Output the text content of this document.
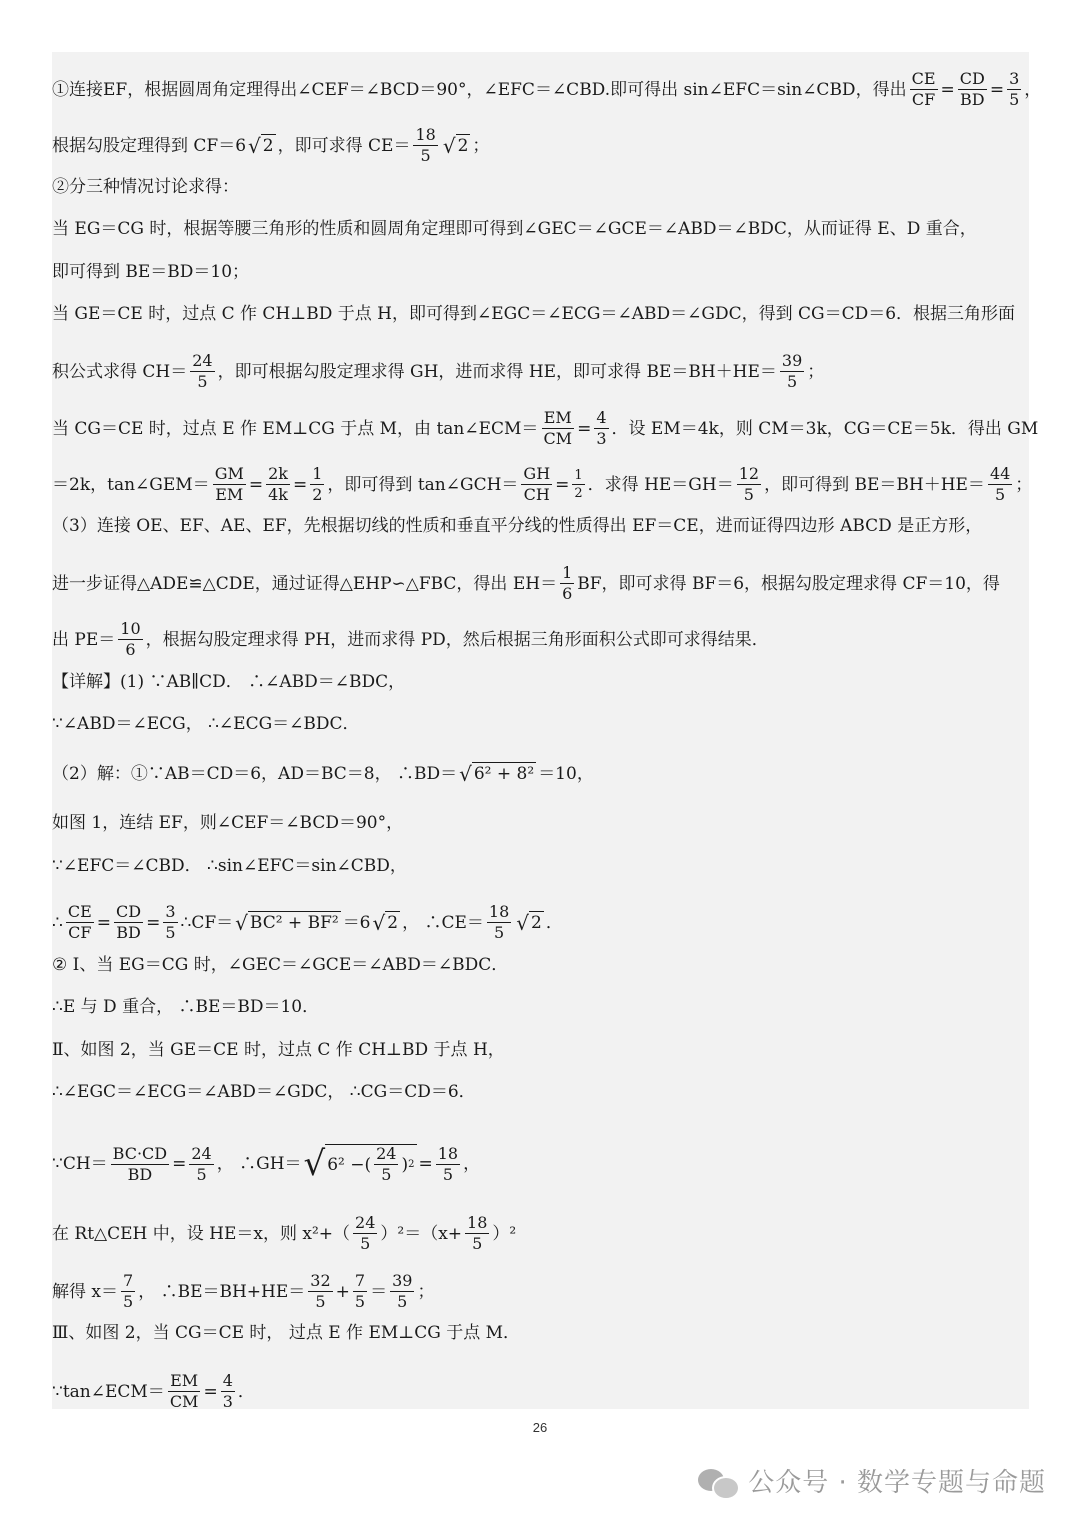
①连接EF，根据圆周角定理得出∠CEF＝∠BCD＝90°，∠EFC＝∠CBD.即可得出 sin∠EFC＝sin∠CBD，得出 $\frac{CE}{CF} = \frac{CD}{BD} = \frac{3}{5}$ ，
根据勾股定理得到 CF＝ 6 √ 2 ，即可求得 $CE= \frac{18}{5}$ √ 2 ；
②分三种情况讨论求得：
当 EG＝CG 时，根据等腰三角形的性质和圆周角定理即可得到∠GEC＝∠GCE＝∠ABD＝∠BDC，从而证得 E、D 重合，
即可得到 BE＝BD＝10；
当 GE＝CE 时，过点 C 作 CH⊥BD 于点 H，即可得到∠EGC＝∠ECG＝∠ABD＝∠GDC，得到 CG＝CD＝6．根据三角形面
积公式求得 $CH= \frac{24}{5}$ ，即可根据勾股定理求得 GH，进而求得 HE，即可求得 $BE=BH+HE= \frac{39}{5}$ ；
当 CG＝CE 时，过点 E 作 EM⊥CG 于点 M，由 tan∠ECM＝ $\frac{EM}{CM} = \frac{4}{3}$ ．设 EM＝4k，则 CM＝3k，CG＝CE＝5k．得出 GM
＝2k，tan∠GEM＝ $\frac{GM}{EM} = \frac{2k}{4k} = \frac{1}{2}$ ，即可得到 tan∠GCH＝ $\frac{GH}{CH} = \frac{1}{2}$ ．求得 $HE=GH= \frac{12}{5}$ ，即可得到 $BE=BH+HE= \frac{44}{5}$ ；
（3）连接 OE、EF、AE、EF，先根据切线的性质和垂直平分线的性质得出 EF＝CE，进而证得四边形 ABCD 是正方形，
进一步证得△ADE≌△CDE，通过证得△EHP∽△FBC，得出 $EH= \frac{1}{6}$ BF，即可求得 BF＝6，根据勾股定理求得 CF＝10，得
出 $PE= \frac{10}{6}$ ，根据勾股定理求得 PH，进而求得 PD，然后根据三角形面积公式即可求得结果．
【详解】(1) ∵AB∥CD． ∴∠ABD＝∠BDC，
∵∠ABD＝∠ECG， ∴∠ECG＝∠BDC．
（2）解：①∵AB＝CD＝6，AD＝BC＝8， ∴BD＝ √ 6² + 8² ＝10，
如图 1，连结 EF，则∠CEF＝∠BCD＝90°，
∵∠EFC＝∠CBD． ∴sin∠EFC＝sin∠CBD，
∴ $\frac{CE}{CF} = \frac{CD}{BD} = \frac{3}{5}$ ∴CF＝ √ BC² + BF² ＝6 √ 2 ， ∴CE＝ $\frac{18}{5}$ √ 2 ．
② Ⅰ、当 EG＝CG 时，∠GEC＝∠GCE＝∠ABD＝∠BDC．
∴E 与 D 重合， ∴BE＝BD＝10．
Ⅱ、如图 2，当 GE＝CE 时，过点 C 作 CH⊥BD 于点 H，
∴∠EGC＝∠ECG＝∠ABD＝∠GDC， ∴CG＝CD＝6．
∵CH＝ $\frac{BC\cdot CD}{BD} = \frac{24}{5}$ ， ∴GH＝ √ 6² − ( $\frac{24}{5}$ ) $2 = \frac{18}{5}$ ，
在 Rt△CEH 中，设 HE＝x，则 $x^2+( \frac{24}{5} )^2=(x+ \frac{18}{5} )^2$
解得 $x= \frac{7}{5}$ ， ∴BE＝BH+HE＝ $\frac{32}{5} + \frac{7}{5} = \frac{39}{5}$ ；
Ⅲ、如图 2，当 CG＝CE 时， 过点 E 作 EM⊥CG 于点 M．
∵tan∠ECM＝ $\frac{EM}{CM} = \frac{4}{3}$ ．
26
公众号 · 数学专题与命题
